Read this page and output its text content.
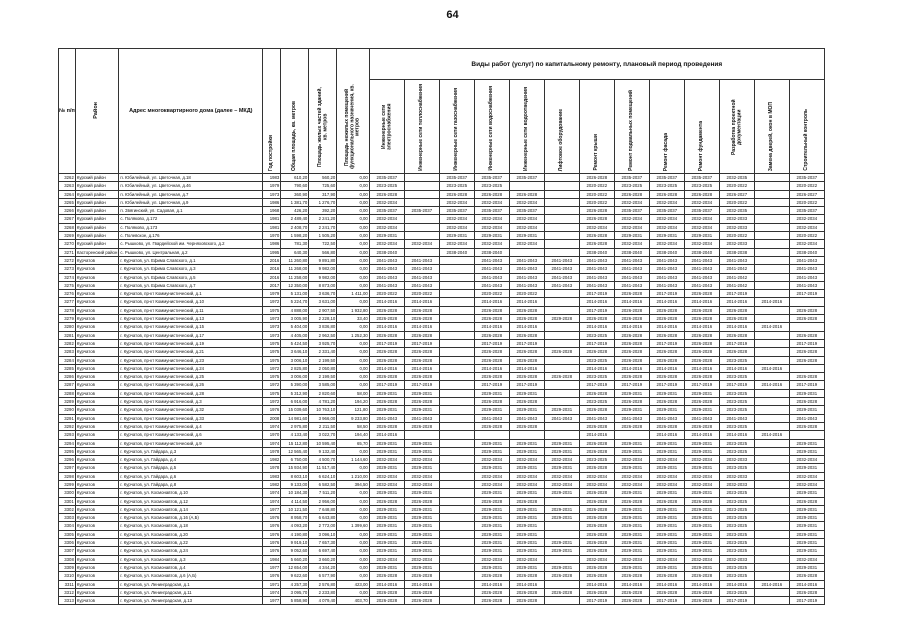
64
№ п/п	Район	Адрес многоквартирного дома (далее – МКД)	Год постройки	Общая площадь, кв. метров	Площадь жилых частей зданий, кв. метров	Площадь нежилых помещений функционального назначения, кв. метров	Виды работ (услуг) по капитальному ремонту, плановый период проведения												
							Инженерные сети электроснабжения	Инженерные сети теплоснабжения	Инженерные сети газоснабжения	Инженерные сети водоснабжения	Инженерные сети водоотведения	Лифтовое оборудование	Ремонт крыши	Ремонт подвальных помещений	Ремонт фасада	Ремонт фундамента	Разработка проектной документации	Замена дверей, окон в МОП	Строительный контроль
3262	Курский район	п. Юбилейный, ул. Цветочная, д.18	1983	610,20	560,20	0,00	2035-2037		2035-2037	2035-2037	2035-2037		2026-2028	2035-2037	2035-2037	2035-2037	2032-2035		2035-2037
3263	Курский район	п. Юбилейный, ул. Цветочная, д.46	1979	790,60	725,60	0,00	2023-2025		2023-2025	2023-2025			2020-2022	2023-2025	2023-2025	2023-2025	2020-2022		2020-2022
3264	Курский район	п. Юбилейный, ул. Цветочная, д.7	1973	360,90	317,90	0,00	2026-2028		2026-2028	2026-2028	2026-2028		2020-2022	2026-2028	2026-2028	2026-2028	2026-2027		2026-2027
3265	Курский район	п. Юбилейный, ул. Цветочная, д.9	1986	1 381,70	1 276,70	0,00	2032-2034		2032-2034	2032-2034	2032-2034		2020-2022	2032-2034	2032-2034	2032-2034	2020-2022		2020-2022
3266	Курский район	п. Звягинский, ул. Садовая, д.1	1968	426,20	392,20	0,00	2035-2037	2035-2037	2035-2037	2035-2037	2035-2037		2026-2028	2035-2037	2035-2037	2035-2037	2032-2035		2035-2037
3267	Курский район	с. Поляково, д.172	1981	2 489,40	2 241,20	0,00	2032-2034		2032-2034	2032-2034	2032-2034		2026-2028	2032-2034	2032-2034	2032-2034	2032-2033		2032-2034
3268	Курский район	с. Поляково, д.173	1981	2 408,70	2 241,70	0,00	2032-2034		2032-2034	2032-2034	2032-2034		2032-2034	2032-2034	2032-2034	2032-2034	2032-2033		2032-2034
3269	Курский район	с. Полевское, д.176	1970	1 598,20	1 505,20	0,00	2029-2031		2029-2031	2029-2031	2029-2031		2026-2028	2029-2031	2029-2031	2029-2031	2020-2022		2020-2022
3270	Курский район	с. Рышково, ул. Гвардейской им. Черняховского, д.2	1986	781,30	722,50	0,00	2032-2034	2032-2034	2032-2034	2032-2034	2032-2034		2026-2028	2032-2034	2032-2034	2032-2034	2032-2033		2032-2034
3271	Касторенский район	с. Рышково, ул. Центральная, д.2	1995	640,30	566,80	0,00	2038-2040		2038-2040	2038-2040			2038-2040	2038-2040	2038-2040	2038-2040	2038-2038		2038-2040
3272	Курчатов	г. Курчатов, ул. Ефима Славского, д.1	2016	11 260,80	9 891,80	0,00	2041-2043	2041-2043		2041-2043	2041-2043	2041-2043	2041-2043	2041-2043	2041-2043	2041-2043	2041-2043		2041-2043
3273	Курчатов	г. Курчатов, ул. Ефима Славского, д.3	2016	11 268,00	9 982,00	0,00	2041-2043	2041-2043		2041-2043	2041-2043	2041-2043	2041-2043	2041-2043	2041-2043	2041-2043	2041-2042		2041-2043
3274	Курчатов	г. Курчатов, ул. Ефима Славского, д.5	2016	11 258,00	9 982,00	0,00	2041-2043	2041-2043		2041-2043	2041-2043	2041-2043	2041-2043	2041-2043	2041-2043	2041-2043	2041-2042		2041-2043
3275	Курчатов	г. Курчатов, ул. Ефима Славского, д.7	2017	12 350,00	8 873,00	0,00	2041-2043	2041-2043		2041-2043	2041-2043	2041-2043	2041-2043	2041-2043	2041-2043	2041-2043	2041-2042		2041-2043
3276	Курчатов	г. Курчатов, пр-кт Коммунистический, д.1	1979	5 131,00	3 636,70	1 411,00	2020-2022	2020-2022		2020-2022	2020-2022		2017-2019	2026-2028	2017-2019	2026-2028	2017-2019		2017-2019
3277	Курчатов	г. Курчатов, пр-кт Коммунистический, д.10	1972	5 224,70	3 631,00	0,00	2014-2016	2014-2016		2014-2016	2014-2016		2014-2016	2014-2016	2014-2016	2014-2016	2014-2016	2014-2016	
3278	Курчатов	г. Курчатов, пр-кт Коммунистический, д.11	1975	4 888,00	2 907,50	1 932,80	2026-2028	2026-2028		2026-2028	2026-2028		2017-2019	2026-2028	2026-2028	2026-2028	2026-2028		2026-2028
3279	Курчатов	г. Курчатов, пр-кт Коммунистический, д.13	1973	3 005,90	2 228,10	33,40	2026-2028	2026-2028		2026-2028	2026-2028	2029-2028	2026-2028	2026-2028	2026-2028	2026-2028	2026-2028		2026-2028
3280	Курчатов	г. Курчатов, пр-кт Коммунистический, д.15	1973	5 404,00	3 836,80	0,00	2014-2016	2014-2016		2014-2016	2014-2016		2014-2016	2014-2016	2014-2016	2014-2016	2014-2016	2014-2016	
3281	Курчатов	г. Курчатов, пр-кт Коммунистический, д.17	1973	4 405,00	2 962,50	1 252,30	2026-2028	2026-2028		2026-2028	2026-2028		2023-2025	2026-2028	2026-2028	2026-2028	2026-2028		2026-2028
3282	Курчатов	г. Курчатов, пр-кт Коммунистический, д.19	1975	5 424,50	3 925,70	0,00	2017-2019	2017-2019		2017-2019	2017-2019		2017-2019	2026-2028	2017-2019	2026-2028	2017-2019		2017-2019
3283	Курчатов	г. Курчатов, пр-кт Коммунистический, д.21	1975	3 646,10	2 331,40	0,00	2026-2028	2026-2028		2026-2028	2026-2028	2026-2028	2026-2028	2026-2028	2026-2028	2026-2028	2026-2028		2026-2028
3284	Курчатов	г. Курчатов, пр-кт Коммунистический, д.23	1975	3 006,10	2 199,50	0,00	2026-2028	2026-2028		2026-2028	2026-2028		2023-2025	2026-2028	2026-2028	2026-2028	2023-2025		2026-2028
3285	Курчатов	г. Курчатов, пр-кт Коммунистический, д.24	1972	2 825,80	2 050,80	0,00	2014-2016	2014-2016		2014-2016	2014-2016		2014-2016	2014-2016	2014-2016	2014-2016	2014-2016	2014-2016	
3286	Курчатов	г. Курчатов, пр-кт Коммунистический, д.25	1975	3 006,00	2 199,50	0,00	2026-2028	2026-2028		2026-2028	2026-2028	2026-2028	2023-2025	2026-2028	2026-2028	2026-2028	2023-2025		2026-2028
3287	Курчатов	г. Курчатов, пр-кт Коммунистический, д.26	1972	5 390,00	3 585,00	0,00	2017-2019	2017-2019		2017-2019	2017-2019		2017-2019	2017-2019	2017-2019	2017-2019	2017-2019	2014-2016	2017-2019
3288	Курчатов	г. Курчатов, пр-кт Коммунистический, д.28	1975	5 312,90	2 820,60	58,00	2029-2031	2029-2031		2029-2031	2029-2031		2026-2028	2029-2031	2029-2031	2029-2031	2023-2025		2029-2031
3289	Курчатов	г. Курчатов, пр-кт Коммунистический, д.3	1972	6 916,00	4 781,20	194,20	2026-2028	2026-2028		2026-2028	2026-2028		2023-2025	2026-2028	2026-2028	2026-2028	2023-2025		2026-2028
3290	Курчатов	г. Курчатов, пр-кт Коммунистический, д.32	1976	15 039,60	10 763,10	121,80	2029-2031	2029-2031		2029-2031	2029-2031	2029-2031	2026-2028	2029-2031	2029-2031	2029-2031	2023-2025		2029-2031
3291	Курчатов	г. Курчатов, пр-кт Коммунистический, д.33	2008	14 981,60	3 966,00	9 233,80	2041-2043	2041-2043		2041-2043	2041-2043	2041-2043	2041-2043	2041-2043	2041-2043	2041-2043	2041-2043		2041-2043
3292	Курчатов	г. Курчатов, пр-кт Коммунистический, д.4	1974	2 975,80	2 211,50	58,50	2026-2028	2026-2028		2026-2028	2026-2028		2026-2028	2026-2028	2026-2028	2026-2028	2023-2025		2026-2028
3293	Курчатов	г. Курчатов, пр-кт Коммунистический, д.6	1970	4 133,40	3 022,70	194,40	2014-2016						2014-2016		2014-2016	2014-2016	2014-2016	2014-2016	
3294	Курчатов	г. Курчатов, пр-кт Коммунистический, д.9	1974	15 112,80	10 595,40	65,70	2029-2031	2029-2031		2029-2031	2029-2031	2029-2031	2026-2028	2029-2031	2029-2031	2029-2031	2023-2025		2029-2031
3295	Курчатов	г. Курчатов, ул. Гайдара, д.3	1978	12 565,40	9 132,40	0,00	2029-2031	2029-2031		2029-2031	2029-2031	2029-2031	2026-2028	2029-2031	2029-2031	2029-2031	2023-2025		2029-2031
3296	Курчатов	г. Курчатов, ул. Гайдара, д.4	1982	6 750,00	4 500,70	1 144,60	2032-2034	2032-2034		2032-2034	2032-2034	2032-2034	2023-2025	2032-2034	2032-2034	2032-2034	2032-2033		2032-2034
3297	Курчатов	г. Курчатов, ул. Гайдара, д.5	1978	15 934,90	11 517,40	0,00	2029-2031	2029-2031		2029-2031	2029-2031	2029-2031	2026-2028	2029-2031	2029-2031	2029-2031	2023-2025		2029-2031
3298	Курчатов	г. Курчатов, ул. Гайдара, д.6	1983	8 603,10	6 624,10	1 210,00	2032-2034	2032-2034		2032-2034	2032-2034	2032-2034	2032-2034	2032-2034	2032-2034	2032-2034	2032-2033		2032-2034
3299	Курчатов	г. Курчатов, ул. Гайдара, д.8	1982	9 133,00	6 582,50	394,50	2032-2034	2032-2034		2032-2034	2032-2034	2032-2034	2032-2034	2032-2034	2032-2034	2032-2034	2032-2033		2032-2034
3300	Курчатов	г. Курчатов, ул. Космонавтов, д.10	1974	10 184,30	7 511,20	0,00	2029-2031	2029-2031		2029-2031	2029-2031	2029-2031	2026-2028	2029-2031	2029-2031	2029-2031	2023-2025		2029-2031
3301	Курчатов	г. Курчатов, ул. Космонавтов, д.12	1974	4 114,50	2 956,00	0,00	2026-2028	2026-2028		2026-2028	2026-2028		2026-2028	2026-2028	2026-2028	2026-2028	2023-2025		2026-2028
3302	Курчатов	г. Курчатов, ул. Космонавтов, д.14	1977	10 121,50	7 648,80	0,00	2029-2031	2029-2031		2029-2031	2029-2031	2029-2031	2026-2028	2029-2031	2029-2031	2029-2031	2023-2025		2029-2031
3303	Курчатов	г. Курчатов, ул. Космонавтов, д.16 (А,Б)	1976	8 958,70	6 643,80	0,00	2029-2031	2029-2031		2029-2031	2029-2031	2029-2031	2026-2028	2029-2031	2029-2031	2029-2031	2023-2025		2029-2031
3304	Курчатов	г. Курчатов, ул. Космонавтов, д.18	1976	4 093,20	2 772,00	1 399,60	2029-2031	2029-2031		2029-2031	2029-2031		2026-2028	2029-2031	2029-2031	2029-2031	2023-2025		2029-2031
3305	Курчатов	г. Курчатов, ул. Космонавтов, д.20	1976	4 190,80	3 096,10	0,00	2029-2031	2029-2031		2029-2031	2029-2031		2026-2028	2029-2031	2029-2031	2029-2031	2023-2025		2029-2031
3306	Курчатов	г. Курчатов, ул. Космонавтов, д.22	1976	9 919,10	7 657,30	0,00	2029-2031	2029-2031		2029-2031	2029-2031	2029-2031	2026-2028	2029-2031	2029-2031	2029-2031	2023-2025		2029-2031
3307	Курчатов	г. Курчатов, ул. Космонавтов, д.24	1976	9 052,60	6 697,40	0,00	2029-2031	2029-2031		2029-2031	2029-2031	2029-2031	2026-2028	2029-2031	2029-2031	2029-2031	2023-2025		2029-2031
3308	Курчатов	г. Курчатов, ул. Космонавтов, д.3	1984	5 660,20	3 660,20	0,00	2032-2034	2032-2034		2032-2034	2032-2034		2032-2034	2032-2034	2032-2034	2032-2034	2032-2033		2032-2034
3309	Курчатов	г. Курчатов, ул. Космонавтов, д.4	1977	12 654,00	4 344,20	0,00	2029-2031	2029-2031		2029-2031	2029-2031	2029-2031	2026-2028	2029-2031	2029-2031	2029-2031	2023-2025		2029-2031
3310	Курчатов	г. Курчатов, ул. Космонавтов, д.6 (А,Б)	1976	9 622,60	6 577,90	0,00	2026-2028	2026-2028		2026-2028	2026-2028	2026-2028	2026-2028	2026-2028	2026-2028	2026-2028	2023-2025		2026-2028
3311	Курчатов	г. Курчатов, ул. Ленинградская, д.1	1971	4 257,30	2 576,80	423,00	2014-2016	2014-2016		2014-2016	2014-2016		2014-2016	2014-2016	2014-2016	2014-2016	2014-2016	2014-2016	2014-2016
3312	Курчатов	г. Курчатов, ул. Ленинградская, д.11	1974	3 095,70	2 233,80	0,00	2026-2028	2026-2028		2026-2028	2026-2028	2026-2028	2026-2028	2026-2028	2026-2028	2026-2028	2023-2025		2026-2028
3313	Курчатов	г. Курчатов, ул. Ленинградская, д.13	1977	5 858,90	4 079,40	403,70	2026-2028	2026-2028		2026-2028	2026-2028		2017-2019	2026-2028	2017-2019	2026-2028	2017-2019		2017-2019
